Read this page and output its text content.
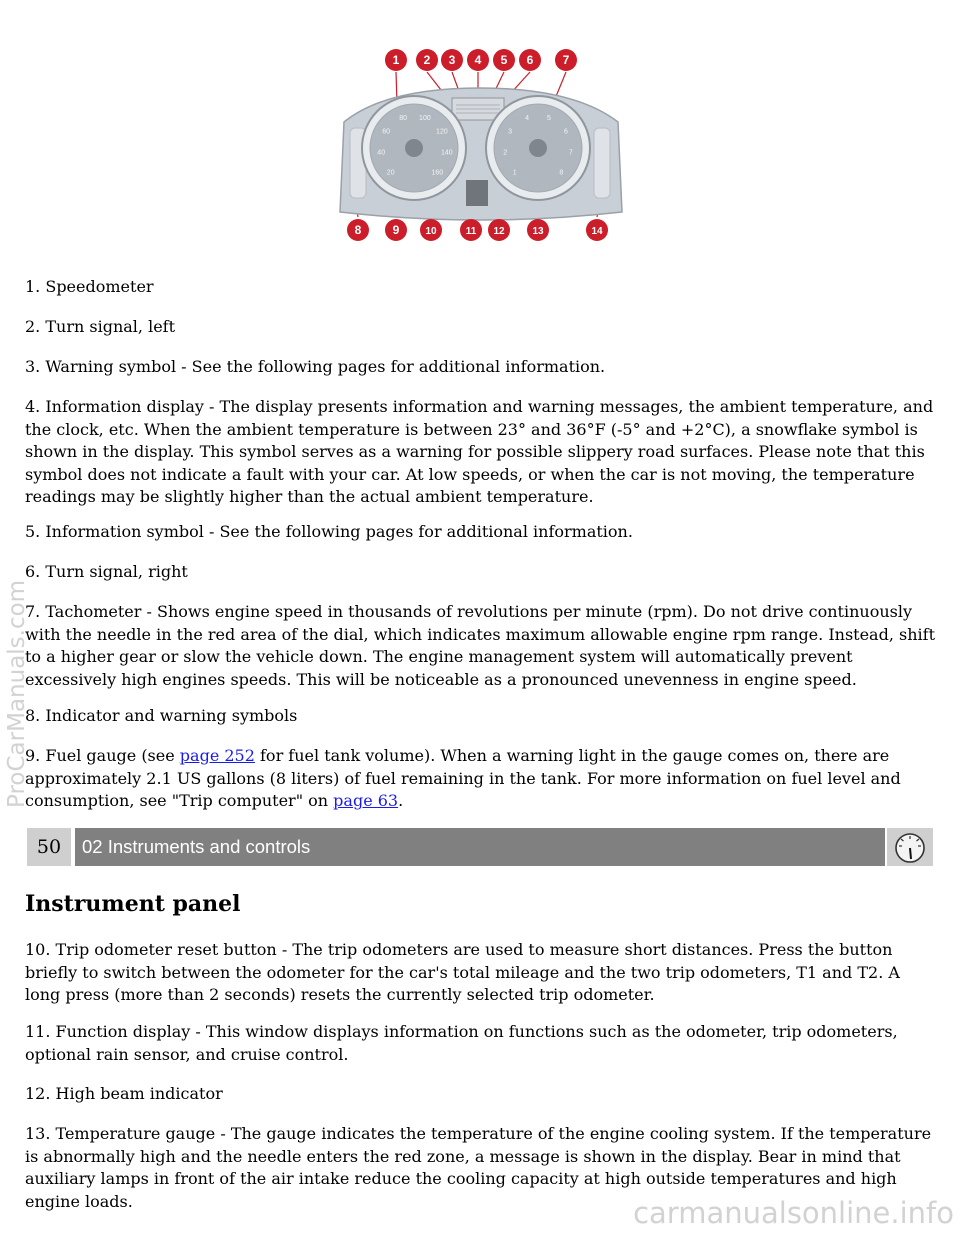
20
40
60
80 100
120
140
160	1
2
3
4	5
6
7
8
1 2 3 4 5 6 7
8	9	10	11 12	13	14

1. Speedometer

2. Turn signal, left

3. Warning symbol - See the following pages for additional information.

4. Information display - The display presents information and warning messages, the ambient temperature, and the clock, etc. When the ambient temperature is between 23° and 36°F (-5° and +2°C), a snowflake symbol is shown in the display. This symbol serves as a warning for possible slippery road surfaces. Please note that this symbol does not indicate a fault with your car. At low speeds, or when the car is not moving, the temperature readings may be slightly higher than the actual ambient temperature.

5. Information symbol - See the following pages for additional information.

6. Turn signal, right

7. Tachometer - Shows engine speed in thousands of revolutions per minute (rpm). Do not drive continuously with the needle in the red area of the dial, which indicates maximum allowable engine rpm range. Instead, shift to a higher gear or slow the vehicle down. The engine management system will automatically prevent excessively high engines speeds. This will be noticeable as a pronounced unevenness in engine speed.

8. Indicator and warning symbols

9. Fuel gauge (see page 252 for fuel tank volume). When a warning light in the gauge comes on, there are approximately 2.1 US gallons (8 liters) of fuel remaining in the tank. For more information on fuel level and consumption, see "Trip computer" on page 63.

50	02 Instruments and controls
Instrument panel

10. Trip odometer reset button - The trip odometers are used to measure short distances. Press the button briefly to switch between the odometer for the car's total mileage and the two trip odometers, T1 and T2. A long press (more than 2 seconds) resets the currently selected trip odometer.

11. Function display - This window displays information on functions such as the odometer, trip odometers, optional rain sensor, and cruise control.

12. High beam indicator

13. Temperature gauge - The gauge indicates the temperature of the engine cooling system. If the temperature is abnormally high and the needle enters the red zone, a message is shown in the display. Bear in mind that auxiliary lamps in front of the air intake reduce the cooling capacity at high outside temperatures and high engine loads.

ProCarManuals.com
carmanualsonline.info
